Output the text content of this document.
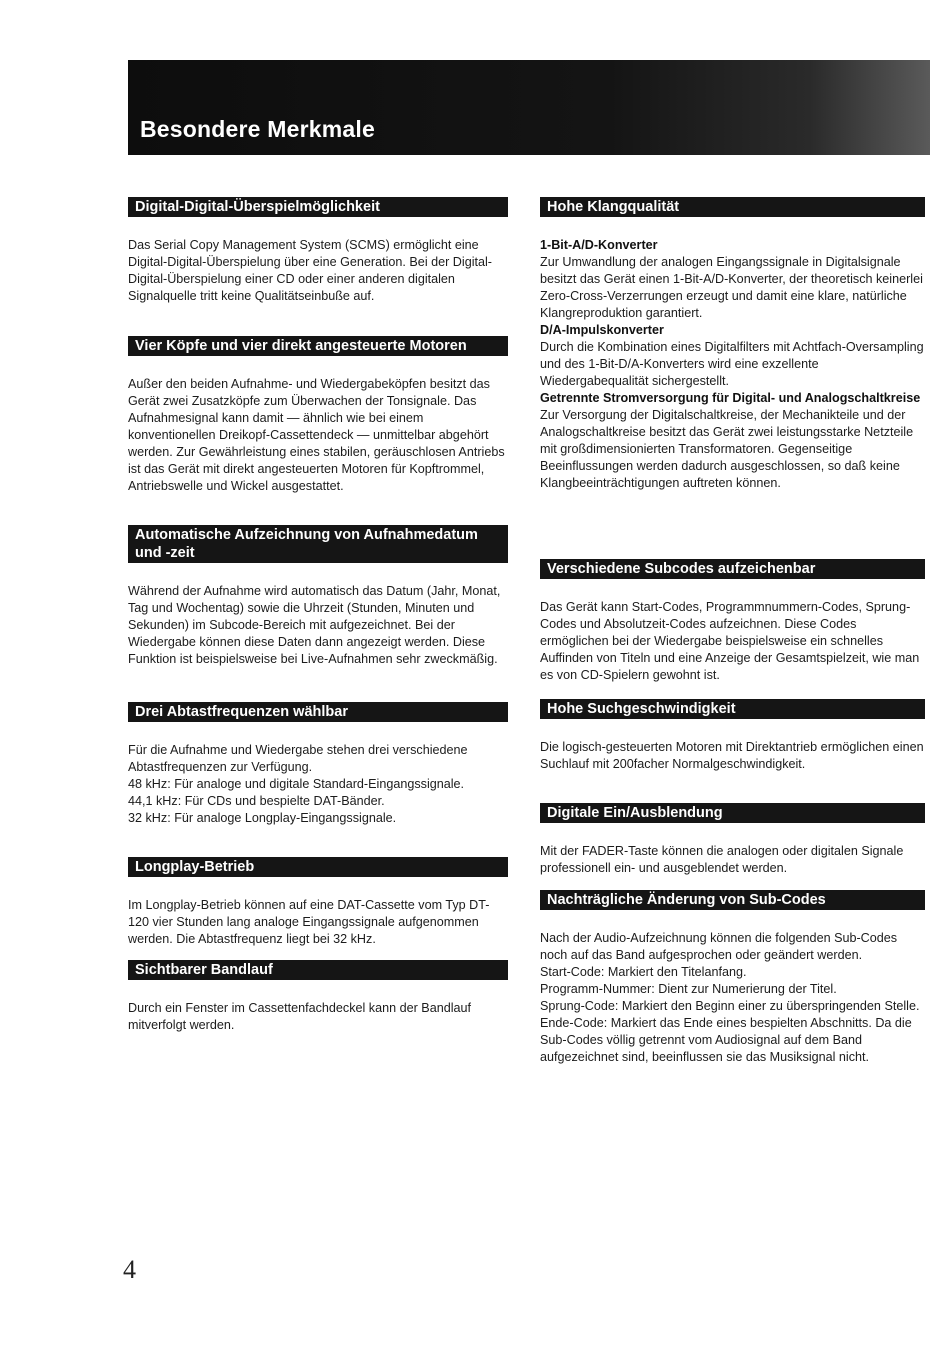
Besondere Merkmale
Digital-Digital-Überspielmöglichkeit

Das Serial Copy Management System (SCMS) ermöglicht eine Digital-Digital-Überspielung über eine Generation. Bei der Digital-Digital-Überspielung einer CD oder einer anderen digitalen Signalquelle tritt keine Qualitätseinbuße auf.

Vier Köpfe und vier direkt angesteuerte Motoren

Außer den beiden Aufnahme- und Wiedergabeköpfen besitzt das Gerät zwei Zusatzköpfe zum Überwachen der Tonsignale. Das Aufnahmesignal kann damit — ähnlich wie bei einem konventionellen Dreikopf-Cassettendeck — unmittelbar abgehört werden. Zur Gewährleistung eines stabilen, geräuschlosen Antriebs ist das Gerät mit direkt angesteuerten Motoren für Kopftrommel, Antriebswelle und Wickel ausgestattet.

Automatische Aufzeichnung von Aufnahmedatum und -zeit

Während der Aufnahme wird automatisch das Datum (Jahr, Monat, Tag und Wochentag) sowie die Uhrzeit (Stunden, Minuten und Sekunden) im Subcode-Bereich mit aufgezeichnet. Bei der Wiedergabe können diese Daten dann angezeigt werden. Diese Funktion ist beispielsweise bei Live-Aufnahmen sehr zweckmäßig.

Drei Abtastfrequenzen wählbar

Für die Aufnahme und Wiedergabe stehen drei verschiedene Abtastfrequenzen zur Verfügung.

48 kHz: Für analoge und digitale Standard-Eingangssignale.

44,1 kHz: Für CDs und bespielte DAT-Bänder.

32 kHz: Für analoge Longplay-Eingangssignale.

Longplay-Betrieb

Im Longplay-Betrieb können auf eine DAT-Cassette vom Typ DT-120 vier Stunden lang analoge Eingangssignale aufgenommen werden. Die Abtastfrequenz liegt bei 32 kHz.

Sichtbarer Bandlauf

Durch ein Fenster im Cassettenfachdeckel kann der Bandlauf mitverfolgt werden.

Hohe Klangqualität

1-Bit-A/D-Konverter

Zur Umwandlung der analogen Eingangssignale in Digitalsignale besitzt das Gerät einen 1-Bit-A/D-Konverter, der theoretisch keinerlei Zero-Cross-Verzerrungen erzeugt und damit eine klare, natürliche Klangreproduktion garantiert.

D/A-Impulskonverter

Durch die Kombination eines Digitalfilters mit Achtfach-Oversampling und des 1-Bit-D/A-Konverters wird eine exzellente Wiedergabequalität sichergestellt.

Getrennte Stromversorgung für Digital- und Analogschaltkreise

Zur Versorgung der Digitalschaltkreise, der Mechanikteile und der Analogschaltkreise besitzt das Gerät zwei leistungsstarke Netzteile mit großdimensionierten Transformatoren. Gegenseitige Beeinflussungen werden dadurch ausgeschlossen, so daß keine Klangbeeinträchtigungen auftreten können.

Verschiedene Subcodes aufzeichenbar

Das Gerät kann Start-Codes, Programmnummern-Codes, Sprung-Codes und Absolutzeit-Codes aufzeichnen. Diese Codes ermöglichen bei der Wiedergabe beispielsweise ein schnelles Auffinden von Titeln und eine Anzeige der Gesamtspielzeit, wie man es von CD-Spielern gewohnt ist.

Hohe Suchgeschwindigkeit

Die logisch-gesteuerten Motoren mit Direktantrieb ermöglichen einen Suchlauf mit 200facher Normalgeschwindigkeit.

Digitale Ein/Ausblendung

Mit der FADER-Taste können die analogen oder digitalen Signale professionell ein- und ausgeblendet werden.

Nachträgliche Änderung von Sub-Codes

Nach der Audio-Aufzeichnung können die folgenden Sub-Codes noch auf das Band aufgesprochen oder geändert werden.

Start-Code: Markiert den Titelanfang.

Programm-Nummer: Dient zur Numerierung der Titel.

Sprung-Code: Markiert den Beginn einer zu überspringenden Stelle.

Ende-Code: Markiert das Ende eines bespielten Abschnitts. Da die Sub-Codes völlig getrennt vom Audiosignal auf dem Band aufgezeichnet sind, beeinflussen sie das Musiksignal nicht.

4
